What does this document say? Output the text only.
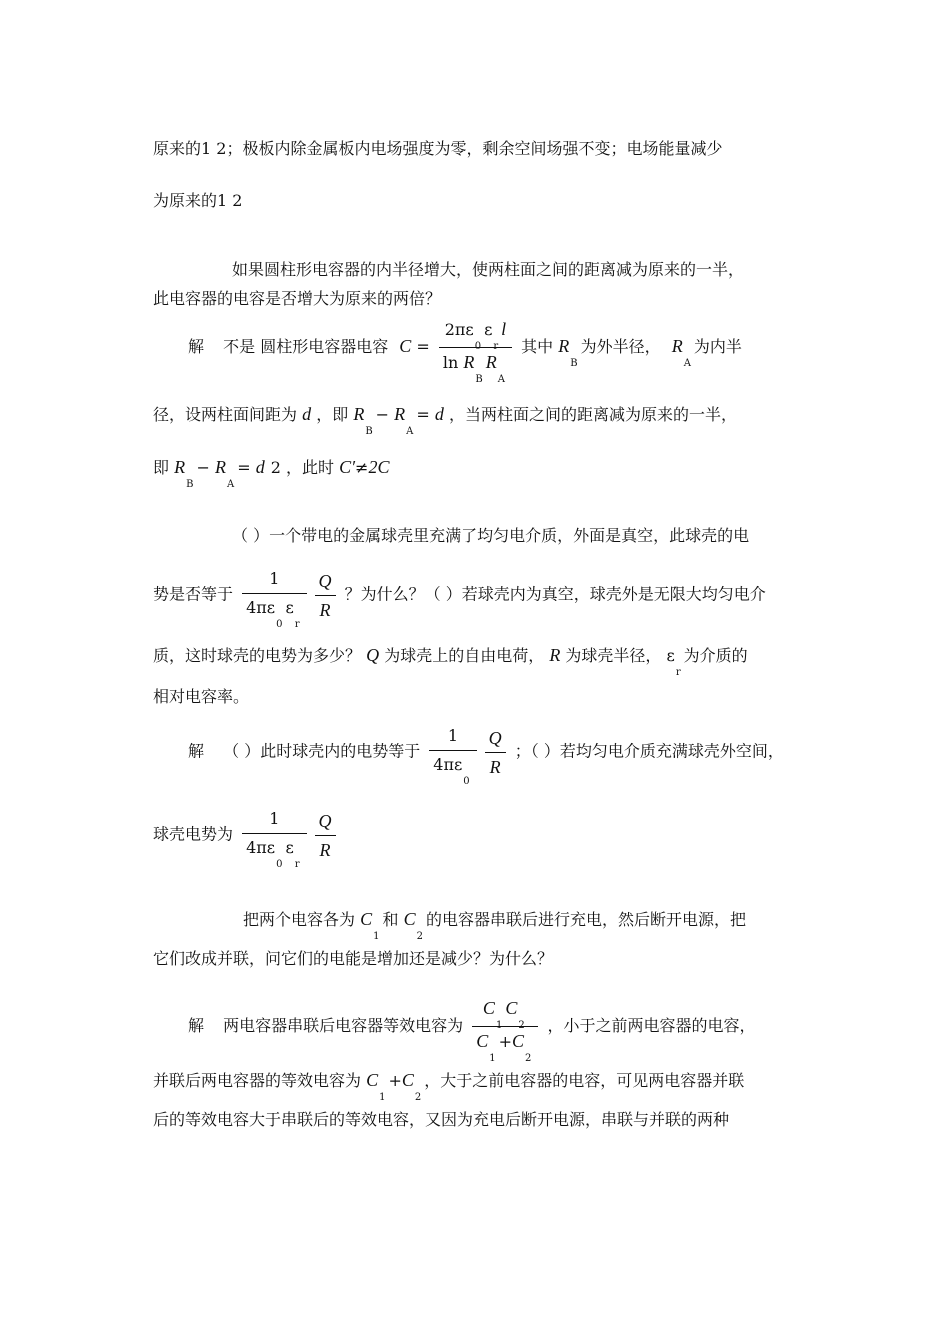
原来的1 2；极板内除金属板内电场强度为零，剩余空间场强不变；电场能量减少
为原来的1 2
如果圆柱形电容器的内半径增大，使两柱面之间的距离减为原来的一半，
此电容器的电容是否增大为原来的两倍？
解 不是 圆柱形电容器电容 $C = \frac{2\pi\varepsilon_0\varepsilon_rl}{\ln R_BR_A}$ 其中 $R_B$为外半径， $R_A$为内半
径，设两柱面间距为 d ，即 $R_B- R_A= d$ ，当两柱面之间的距离减为原来的一半，
即 $R_B- R_A= d$ 2 ，此时 C′≠2C
（ ）一个带电的金属球壳里充满了均匀电介质，外面是真空，此球壳的电
势是否等于 $\frac{1}{4\pi\varepsilon_0\varepsilon_r} \frac{Q}{R}$ ？为什么？（ ）若球壳内为真空，球壳外是无限大均匀电介
质，这时球壳的电势为多少？ Q 为球壳上的自由电荷， R 为球壳半径， $\varepsilon_r$为介质的
相对电容率。
解 （ ）此时球壳内的电势等于 $\frac{1}{4\pi\varepsilon_0} \frac{Q}{R}$ ；（ ）若均匀电介质充满球壳外空间，
球壳电势为 $\frac{1}{4\pi\varepsilon_0\varepsilon_r} \frac{Q}{R}$
把两个电容各为 $C_1$和 $C_2$的电容器串联后进行充电，然后断开电源，把
它们改成并联，问它们的电能是增加还是减少？为什么？
解 两电容器串联后电容器等效电容为 $\frac{C_1C_2}{C_1+C_2}$ ，小于之前两电容器的电容，
并联后两电容器的等效电容为 $C_1+C_2$，大于之前电容器的电容，可见两电容器并联
后的等效电容大于串联后的等效电容，又因为充电后断开电源，串联与并联的两种
